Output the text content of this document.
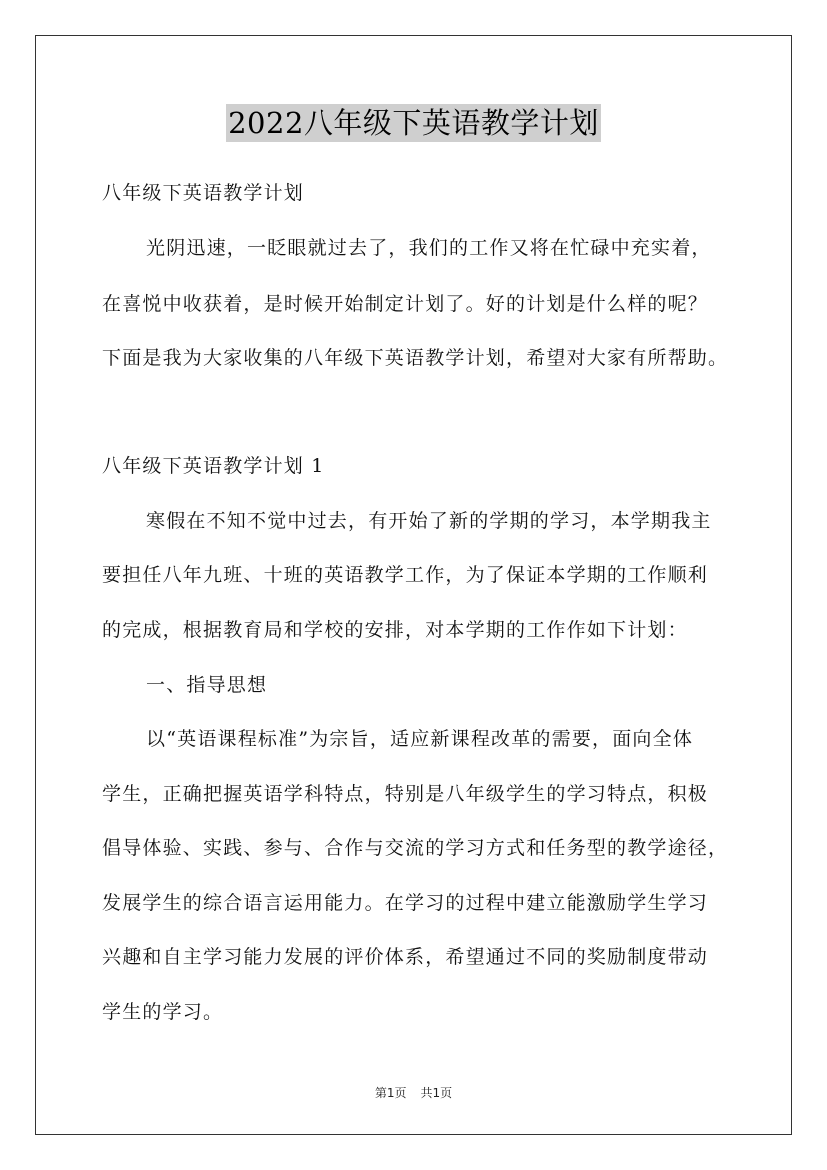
2022八年级下英语教学计划
八年级下英语教学计划
光阴迅速，一眨眼就过去了，我们的工作又将在忙碌中充实着，
在喜悦中收获着，是时候开始制定计划了。好的计划是什么样的呢？
下面是我为大家收集的八年级下英语教学计划，希望对大家有所帮助。
八年级下英语教学计划 1
寒假在不知不觉中过去，有开始了新的学期的学习，本学期我主
要担任八年九班、十班的英语教学工作，为了保证本学期的工作顺利
的完成，根据教育局和学校的安排，对本学期的工作作如下计划：
一、指导思想
以“英语课程标准”为宗旨，适应新课程改革的需要，面向全体
学生，正确把握英语学科特点，特别是八年级学生的学习特点，积极
倡导体验、实践、参与、合作与交流的学习方式和任务型的教学途径，
发展学生的综合语言运用能力。在学习的过程中建立能激励学生学习
兴趣和自主学习能力发展的评价体系，希望通过不同的奖励制度带动
学生的学习。
第1页 共1页
